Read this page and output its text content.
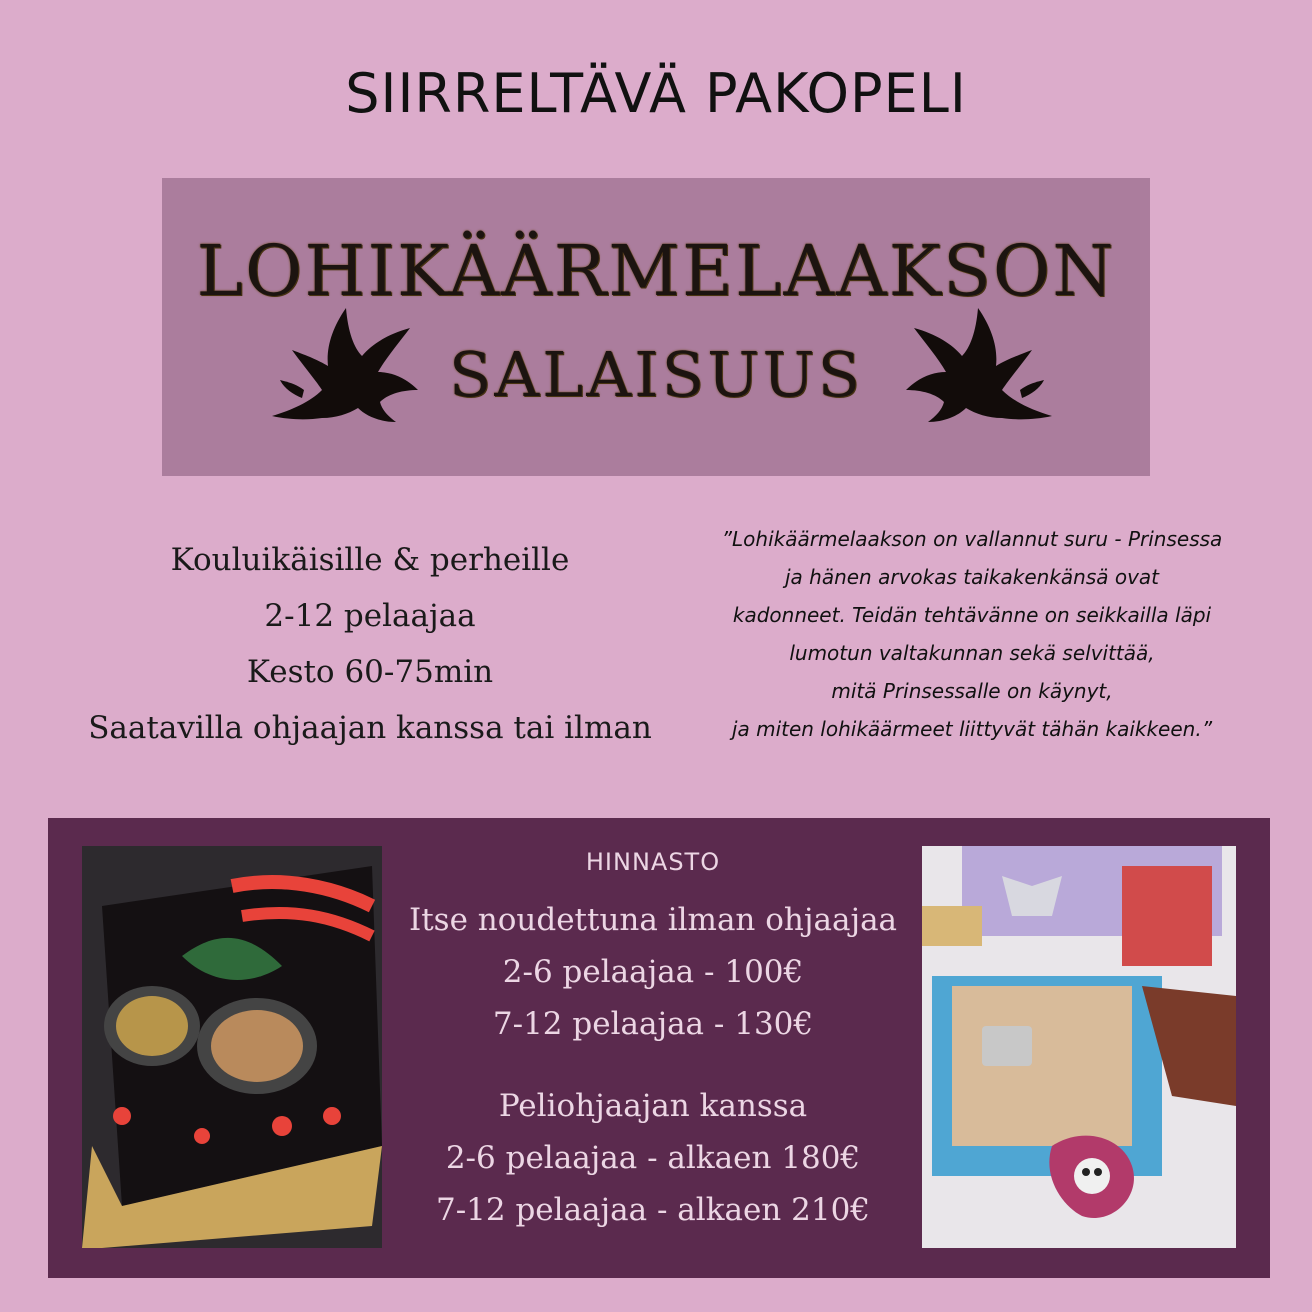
SIIRRELTÄVÄ PAKOPELI
LOHIKÄÄRMELAAKSON
SALAISUUS
Kouluikäisille & perheille
2-12 pelaajaa
Kesto 60-75min
Saatavilla ohjaajan kanssa tai ilman
”Lohikäärmelaakson on vallannut suru - Prinsessa
ja hänen arvokas taikakenkänsä ovat
kadonneet. Teidän tehtävänne on seikkailla läpi
lumotun valtakunnan sekä selvittää,
mitä Prinsessalle on käynyt,
ja miten lohikäärmeet liittyvät tähän kaikkeen.”
HINNASTO
Itse noudettuna ilman ohjaajaa
2-6 pelaajaa - 100€
7-12 pelaajaa - 130€
Peliohjaajan kanssa
2-6 pelaajaa - alkaen 180€
7-12 pelaajaa - alkaen 210€
